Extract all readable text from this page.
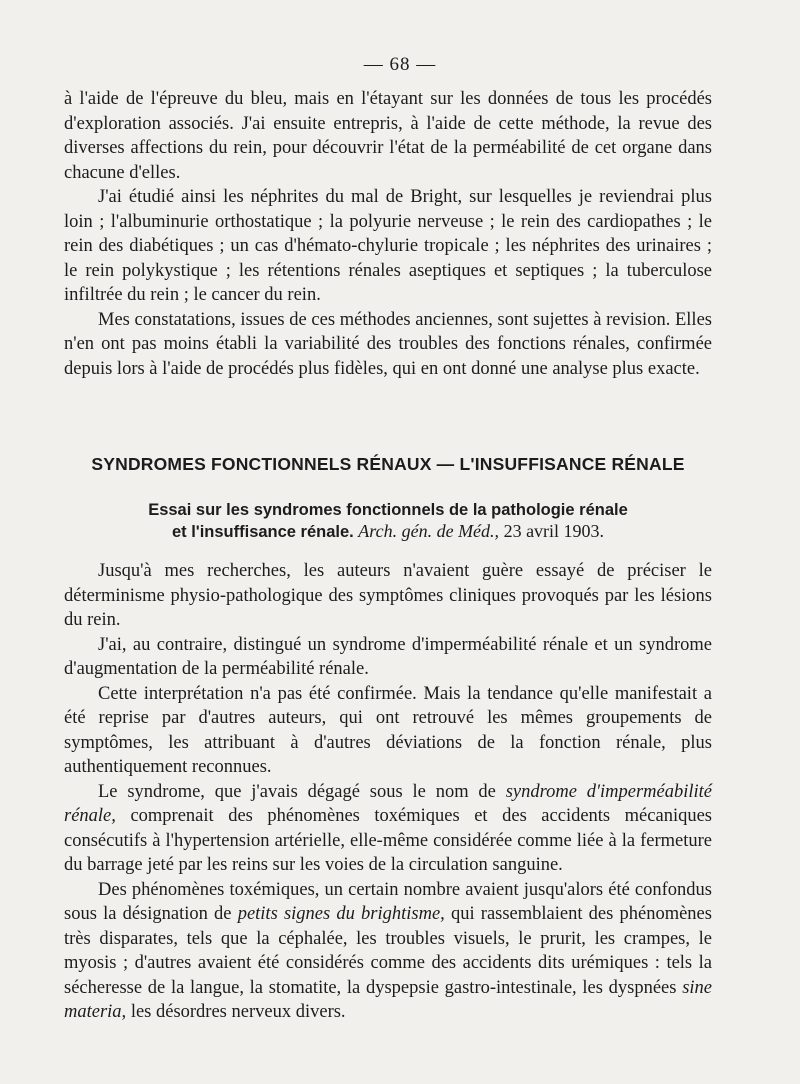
— 68 —

à l'aide de l'épreuve du bleu, mais en l'étayant sur les données de tous les procédés d'exploration associés. J'ai ensuite entrepris, à l'aide de cette méthode, la revue des diverses affections du rein, pour découvrir l'état de la perméabilité de cet organe dans chacune d'elles.

J'ai étudié ainsi les néphrites du mal de Bright, sur lesquelles je reviendrai plus loin ; l'albuminurie orthostatique ; la polyurie nerveuse ; le rein des cardiopathes ; le rein des diabétiques ; un cas d'hémato-chylurie tropicale ; les néphrites des urinaires ; le rein polykystique ; les rétentions rénales aseptiques et septiques ; la tuberculose infiltrée du rein ; le cancer du rein.

Mes constatations, issues de ces méthodes anciennes, sont sujettes à revision. Elles n'en ont pas moins établi la variabilité des troubles des fonctions rénales, confirmée depuis lors à l'aide de procédés plus fidèles, qui en ont donné une analyse plus exacte.

SYNDROMES FONCTIONNELS RÉNAUX — L'INSUFFISANCE RÉNALE
Essai sur les syndromes fonctionnels de la pathologie rénale
et l'insuffisance rénale. Arch. gén. de Méd., 23 avril 1903.

Jusqu'à mes recherches, les auteurs n'avaient guère essayé de préciser le déterminisme physio-pathologique des symptômes cliniques provoqués par les lésions du rein.

J'ai, au contraire, distingué un syndrome d'imperméabilité rénale et un syndrome d'augmentation de la perméabilité rénale.

Cette interprétation n'a pas été confirmée. Mais la tendance qu'elle manifestait a été reprise par d'autres auteurs, qui ont retrouvé les mêmes groupements de symptômes, les attribuant à d'autres déviations de la fonction rénale, plus authentiquement reconnues.

Le syndrome, que j'avais dégagé sous le nom de syndrome d'imperméabilité rénale, comprenait des phénomènes toxémiques et des accidents mécaniques consécutifs à l'hypertension artérielle, elle-même considérée comme liée à la fermeture du barrage jeté par les reins sur les voies de la circulation sanguine.

Des phénomènes toxémiques, un certain nombre avaient jusqu'alors été confondus sous la désignation de petits signes du brightisme, qui rassemblaient des phénomènes très disparates, tels que la céphalée, les troubles visuels, le prurit, les crampes, le myosis ; d'autres avaient été considérés comme des accidents dits urémiques : tels la sécheresse de la langue, la stomatite, la dyspepsie gastro-intestinale, les dyspnées sine materia, les désordres nerveux divers.
